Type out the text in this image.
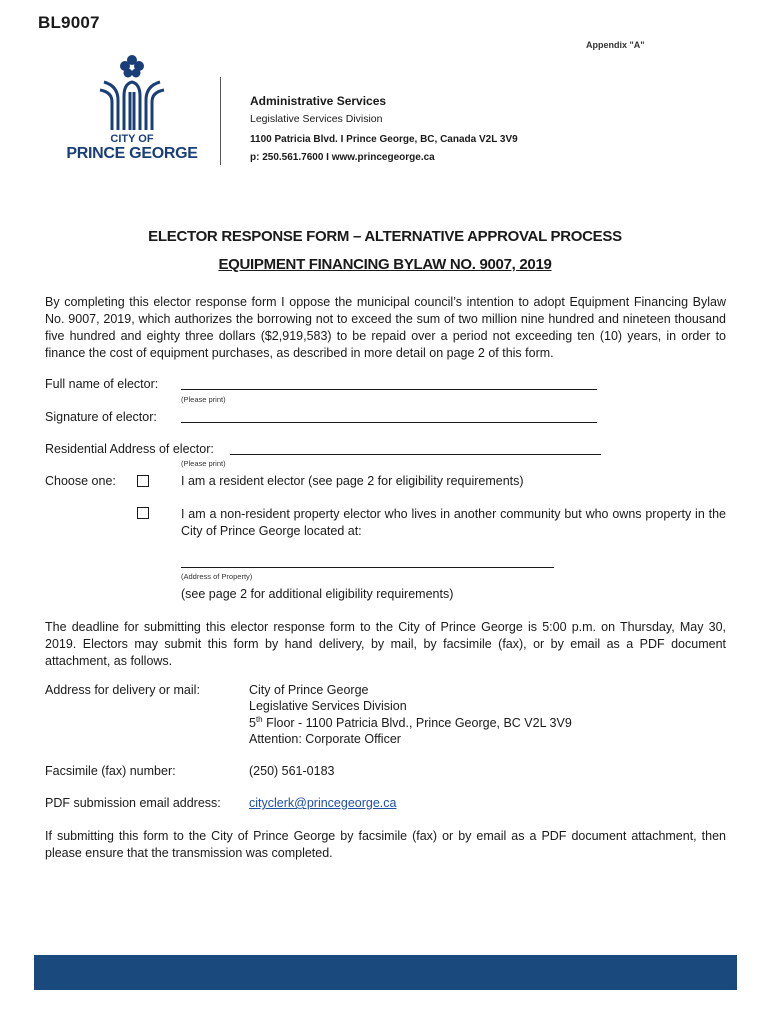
BL9007
Appendix "A"
CITY OF
PRINCE GEORGE
Administrative Services
Legislative Services Division
1100 Patricia Blvd. I Prince George, BC, Canada V2L 3V9
p: 250.561.7600 I www.princegeorge.ca
ELECTOR RESPONSE FORM – ALTERNATIVE APPROVAL PROCESS
EQUIPMENT FINANCING BYLAW NO. 9007, 2019
By completing this elector response form I oppose the municipal council’s intention to adopt Equipment Financing Bylaw No. 9007, 2019, which authorizes the borrowing not to exceed the sum of two million nine hundred and nineteen thousand five hundred and eighty three dollars ($2,919,583) to be repaid over a period not exceeding ten (10) years, in order to finance the cost of equipment purchases, as described in more detail on page 2 of this form.
Full name of elector:
(Please print)
Signature of elector:
Residential Address of elector:
(Please print)
Choose one:	I am a resident elector (see page 2 for eligibility requirements)
I am a non-resident property elector who lives in another community but who owns property in the City of Prince George located at:
(Address of Property)
(see page 2 for additional eligibility requirements)
The deadline for submitting this elector response form to the City of Prince George is 5:00 p.m. on Thursday, May 30, 2019. Electors may submit this form by hand delivery, by mail, by facsimile (fax), or by email as a PDF document attachment, as follows.
Address for delivery or mail:	City of Prince George
Legislative Services Division
5th Floor - 1100 Patricia Blvd., Prince George, BC V2L 3V9
Attention: Corporate Officer
Facsimile (fax) number:	(250) 561-0183
PDF submission email address: cityclerk@princegeorge.ca
If submitting this form to the City of Prince George by facsimile (fax) or by email as a PDF document attachment, then please ensure that the transmission was completed.
